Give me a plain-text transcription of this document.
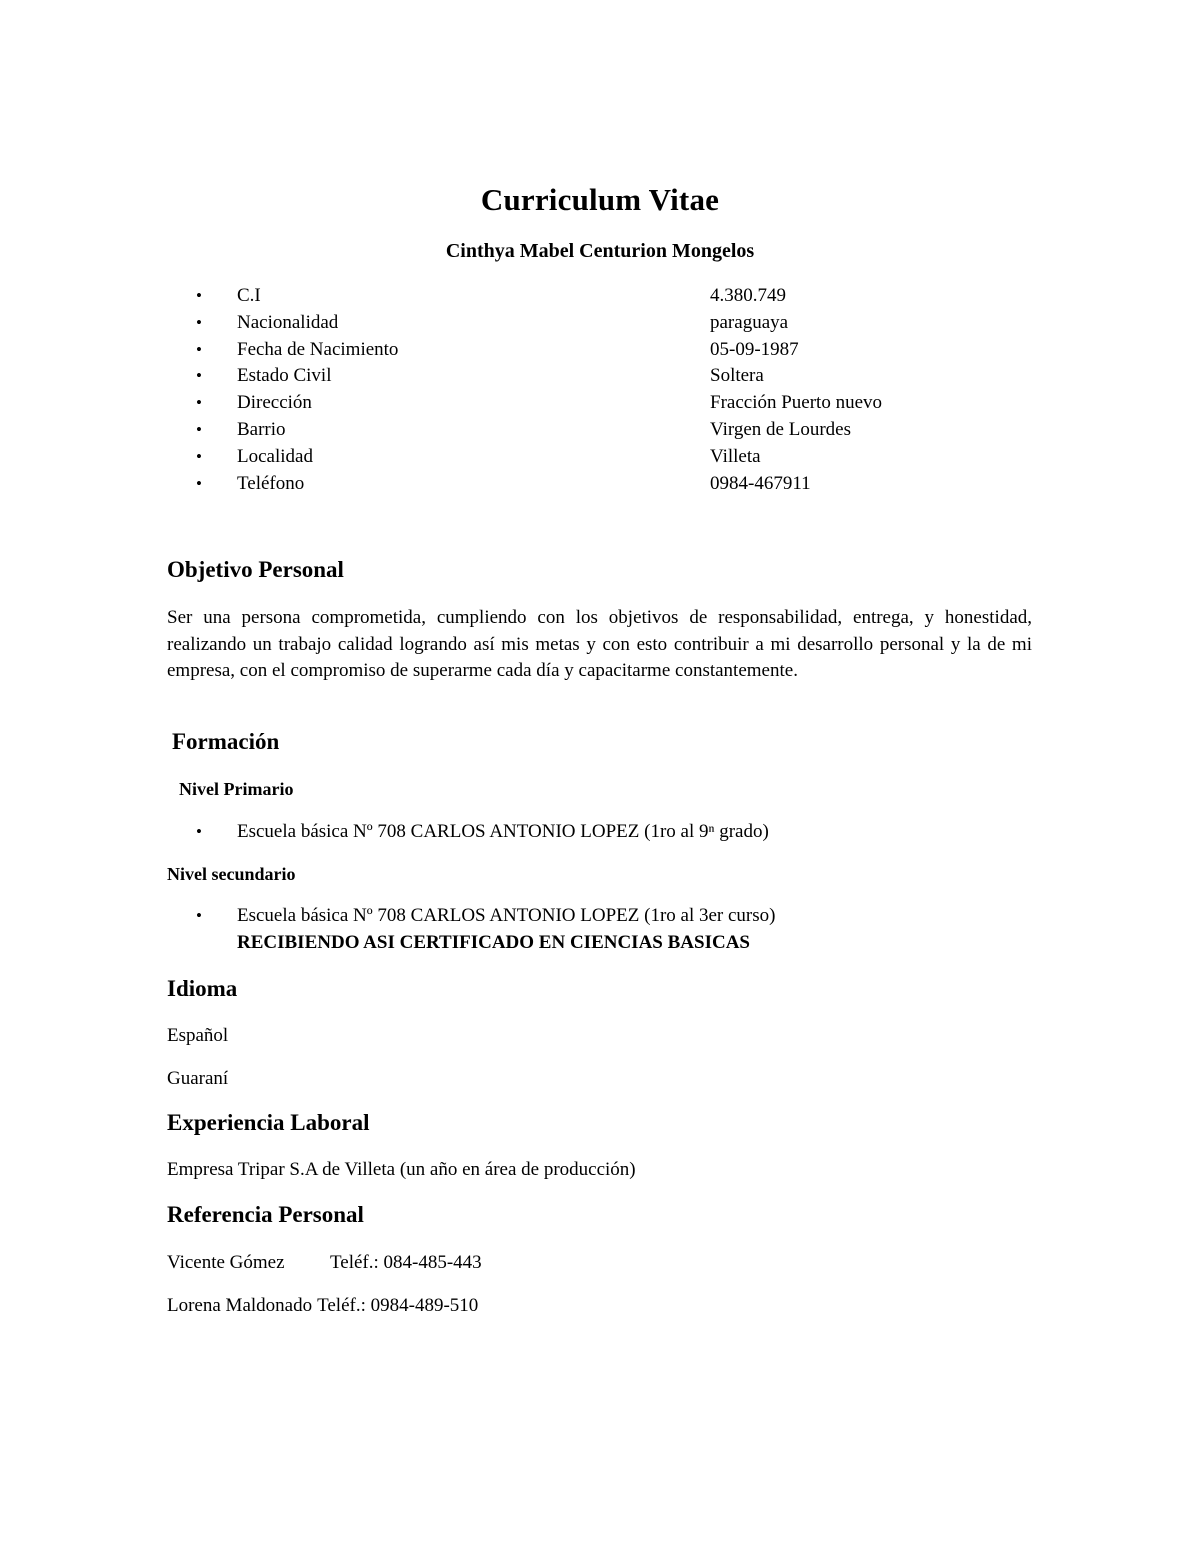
Curriculum Vitae
Cinthya Mabel Centurion Mongelos
•	C.I	4.380.749
•	Nacionalidad	paraguaya
•	Fecha de Nacimiento	05-09-1987
•	Estado Civil	Soltera
•	Dirección	Fracción Puerto nuevo
•	Barrio	Virgen de Lourdes
•	Localidad	Villeta
•	Teléfono	0984-467911
Objetivo Personal
Ser una persona comprometida, cumpliendo con los objetivos de responsabilidad, entrega, y honestidad, realizando un trabajo calidad logrando así mis metas y con esto contribuir a mi desarrollo personal y la de mi empresa, con el compromiso de superarme cada día y capacitarme constantemente.
Formación
Nivel Primario
•	Escuela básica Nº 708 CARLOS ANTONIO LOPEZ (1ro al 9ⁿ grado)
Nivel secundario
•	Escuela básica Nº 708 CARLOS ANTONIO LOPEZ (1ro al 3er curso)
RECIBIENDO ASI CERTIFICADO EN CIENCIAS BASICAS
Idioma
Español
Guaraní
Experiencia Laboral
Empresa Tripar S.A de Villeta (un año en área de producción)
Referencia Personal
Vicente Gómez Teléf.: 084-485-443
Lorena Maldonado Teléf.: 0984-489-510
